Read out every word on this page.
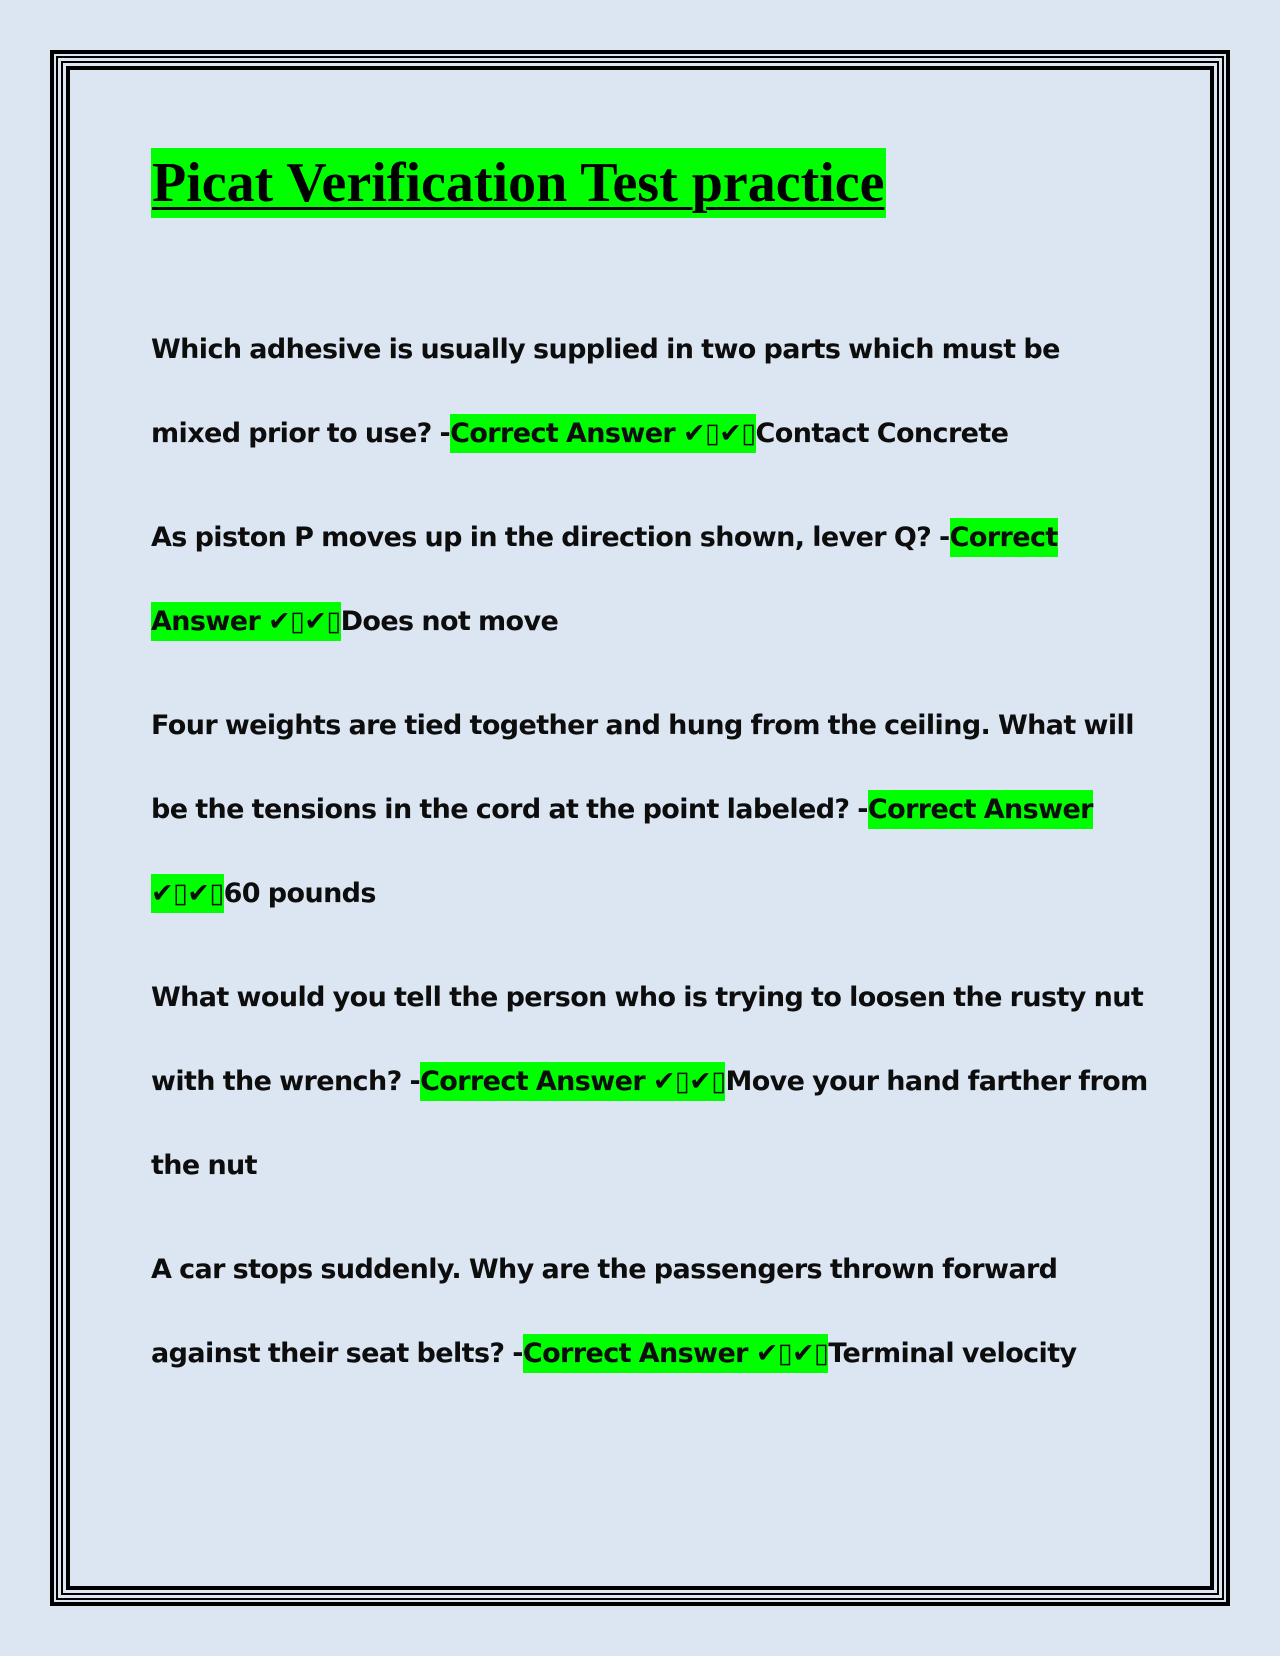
Picat Verification Test practice

Which adhesive is usually supplied in two parts which must be mixed prior to use? -Correct Answer ✔▯✔▯Contact Concrete

As piston P moves up in the direction shown, lever Q? -Correct Answer ✔▯✔▯Does not move

Four weights are tied together and hung from the ceiling. What will be the tensions in the cord at the point labeled? -Correct Answer ✔▯✔▯60 pounds

What would you tell the person who is trying to loosen the rusty nut with the wrench? -Correct Answer ✔▯✔▯Move your hand farther from the nut

A car stops suddenly. Why are the passengers thrown forward against their seat belts? -Correct Answer ✔▯✔▯Terminal velocity
